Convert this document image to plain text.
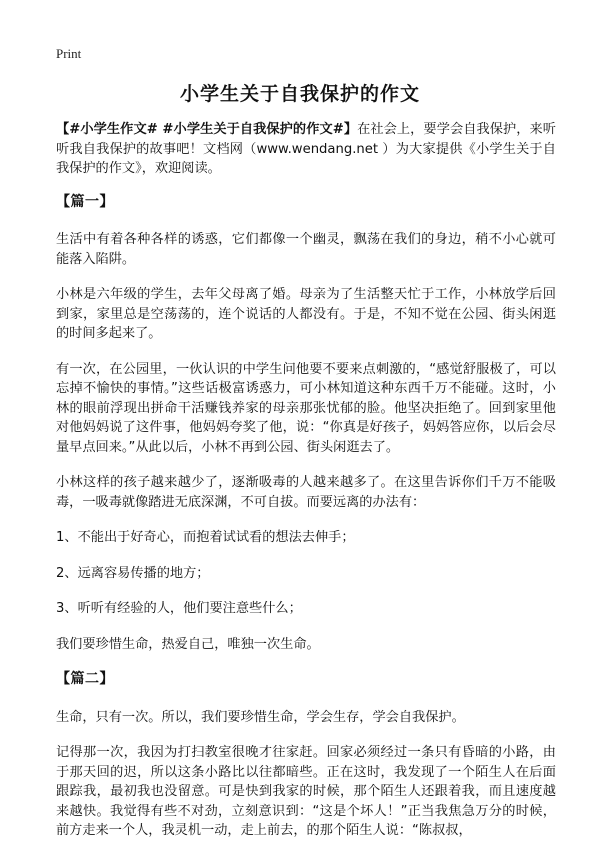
Print
小学生关于自我保护的作文

【#小学生作文# #小学生关于自我保护的作文#】在社会上，要学会自我保护，来听听我自我保护的故事吧！文档网（www.wendang.net ）为大家提供《小学生关于自我保护的作文》，欢迎阅读。

【篇一】

生活中有着各种各样的诱惑，它们都像一个幽灵，飘荡在我们的身边，稍不小心就可能落入陷阱。

小林是六年级的学生，去年父母离了婚。母亲为了生活整天忙于工作，小林放学后回到家，家里总是空荡荡的，连个说话的人都没有。于是，不知不觉在公园、街头闲逛的时间多起来了。

有一次，在公园里，一伙认识的中学生问他要不要来点刺激的，“感觉舒服极了，可以忘掉不愉快的事情。”这些话极富诱惑力，可小林知道这种东西千万不能碰。这时，小林的眼前浮现出拼命干活赚钱养家的母亲那张忧郁的脸。他坚决拒绝了。回到家里他对他妈妈说了这件事，他妈妈夸奖了他，说：“你真是好孩子，妈妈答应你，以后会尽量早点回来。”从此以后，小林不再到公园、街头闲逛去了。

小林这样的孩子越来越少了，逐渐吸毒的人越来越多了。在这里告诉你们千万不能吸毒，一吸毒就像踏进无底深渊，不可自拔。而要远离的办法有：

1、不能出于好奇心，而抱着试试看的想法去伸手；

2、远离容易传播的地方；

3、听听有经验的人，他们要注意些什么；

我们要珍惜生命，热爱自己，唯独一次生命。

【篇二】

生命，只有一次。所以，我们要珍惜生命，学会生存，学会自我保护。

记得那一次，我因为打扫教室很晚才往家赶。回家必须经过一条只有昏暗的小路，由于那天回的迟，所以这条小路比以往都暗些。正在这时，我发现了一个陌生人在后面跟踪我，最初我也没留意。可是快到我家的时候，那个陌生人还跟着我，而且速度越来越快。我觉得有些不对劲，立刻意识到：“这是个坏人！”正当我焦急万分的时候，前方走来一个人，我灵机一动，走上前去，的那个陌生人说：“陈叔叔，
